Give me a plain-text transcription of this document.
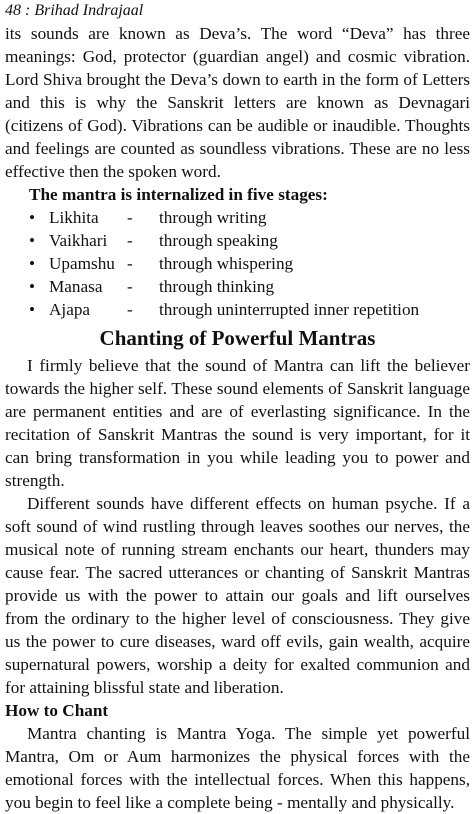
48 : Brihad Indrajaal

its sounds are known as Deva’s. The word “Deva” has three meanings: God, protector (guardian angel) and cosmic vibration. Lord Shiva brought the Deva’s down to earth in the form of Letters and this is why the Sanskrit letters are known as Devnagari (citizens of God). Vibrations can be audible or inaudible. Thoughts and feelings are counted as soundless vibrations. These are no less effective then the spoken word.

The mantra is internalized in five stages:

• Likhita	-	through writing
• Vaikhari	-	through speaking
• Upamshu -	through whispering
• Manasa	-	through thinking
• Ajapa	-	through uninterrupted inner repetition
Chanting of Powerful Mantras

I firmly believe that the sound of Mantra can lift the believer towards the higher self. These sound elements of Sanskrit language are permanent entities and are of everlasting significance. In the recitation of Sanskrit Mantras the sound is very important, for it can bring transformation in you while leading you to power and strength.

Different sounds have different effects on human psyche. If a soft sound of wind rustling through leaves soothes our nerves, the musical note of running stream enchants our heart, thunders may cause fear. The sacred utterances or chanting of Sanskrit Mantras provide us with the power to attain our goals and lift ourselves from the ordinary to the higher level of consciousness. They give us the power to cure diseases, ward off evils, gain wealth, acquire supernatural powers, worship a deity for exalted communion and for attaining blissful state and liberation.

How to Chant

Mantra chanting is Mantra Yoga. The simple yet powerful Mantra, Om or Aum harmonizes the physical forces with the emotional forces with the intellectual forces. When this happens, you begin to feel like a complete being - mentally and physically.
